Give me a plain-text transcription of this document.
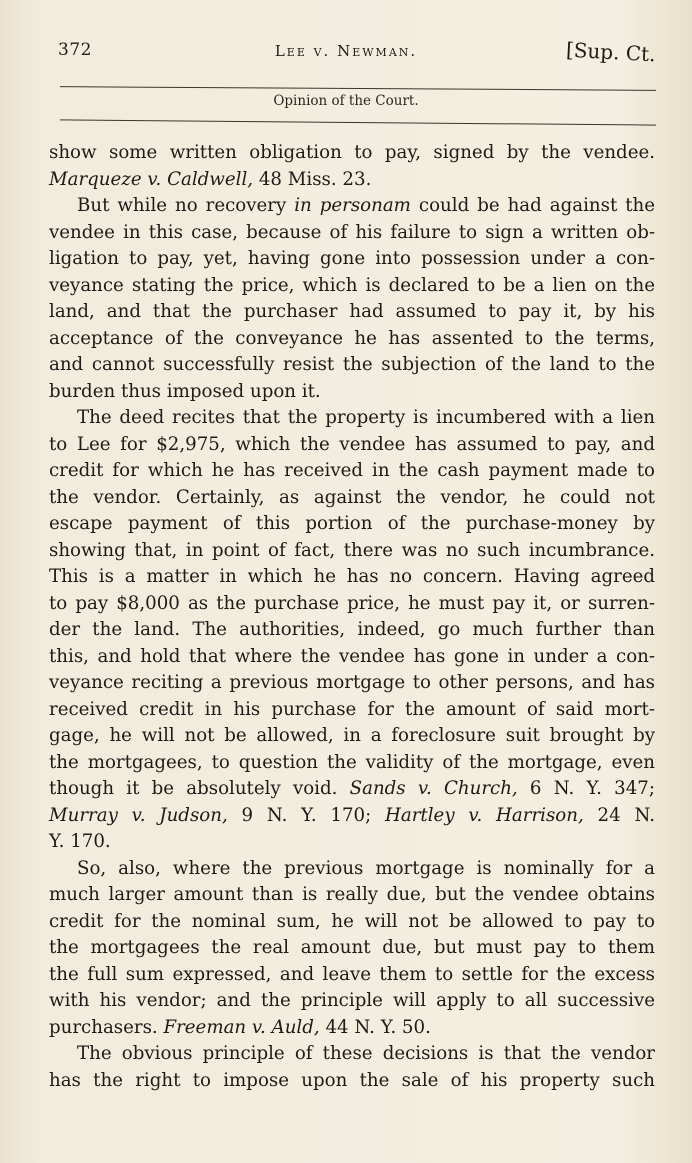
372	Lee v. Newman.	[Sup. Ct.
Opinion of the Court.

show some written obligation to pay, signed by the vendee.

Marqueze v. Caldwell, 48 Miss. 23.

But while no recovery in personam could be had against the

vendee in this case, because of his failure to sign a written ob-

ligation to pay, yet, having gone into possession under a con-

veyance stating the price, which is declared to be a lien on the

land, and that the purchaser had assumed to pay it, by his

acceptance of the conveyance he has assented to the terms,

and cannot successfully resist the subjection of the land to the

burden thus imposed upon it.

The deed recites that the property is incumbered with a lien

to Lee for $2,975, which the vendee has assumed to pay, and

credit for which he has received in the cash payment made to

the vendor. Certainly, as against the vendor, he could not

escape payment of this portion of the purchase-money by

showing that, in point of fact, there was no such incumbrance.

This is a matter in which he has no concern. Having agreed

to pay $8,000 as the purchase price, he must pay it, or surren-

der the land. The authorities, indeed, go much further than

this, and hold that where the vendee has gone in under a con-

veyance reciting a previous mortgage to other persons, and has

received credit in his purchase for the amount of said mort-

gage, he will not be allowed, in a foreclosure suit brought by

the mortgagees, to question the validity of the mortgage, even

though it be absolutely void. Sands v. Church, 6 N. Y. 347;

Murray v. Judson, 9 N. Y. 170; Hartley v. Harrison, 24 N.

Y. 170.

So, also, where the previous mortgage is nominally for a

much larger amount than is really due, but the vendee obtains

credit for the nominal sum, he will not be allowed to pay to

the mortgagees the real amount due, but must pay to them

the full sum expressed, and leave them to settle for the excess

with his vendor; and the principle will apply to all successive

purchasers. Freeman v. Auld, 44 N. Y. 50.

The obvious principle of these decisions is that the vendor

has the right to impose upon the sale of his property such
